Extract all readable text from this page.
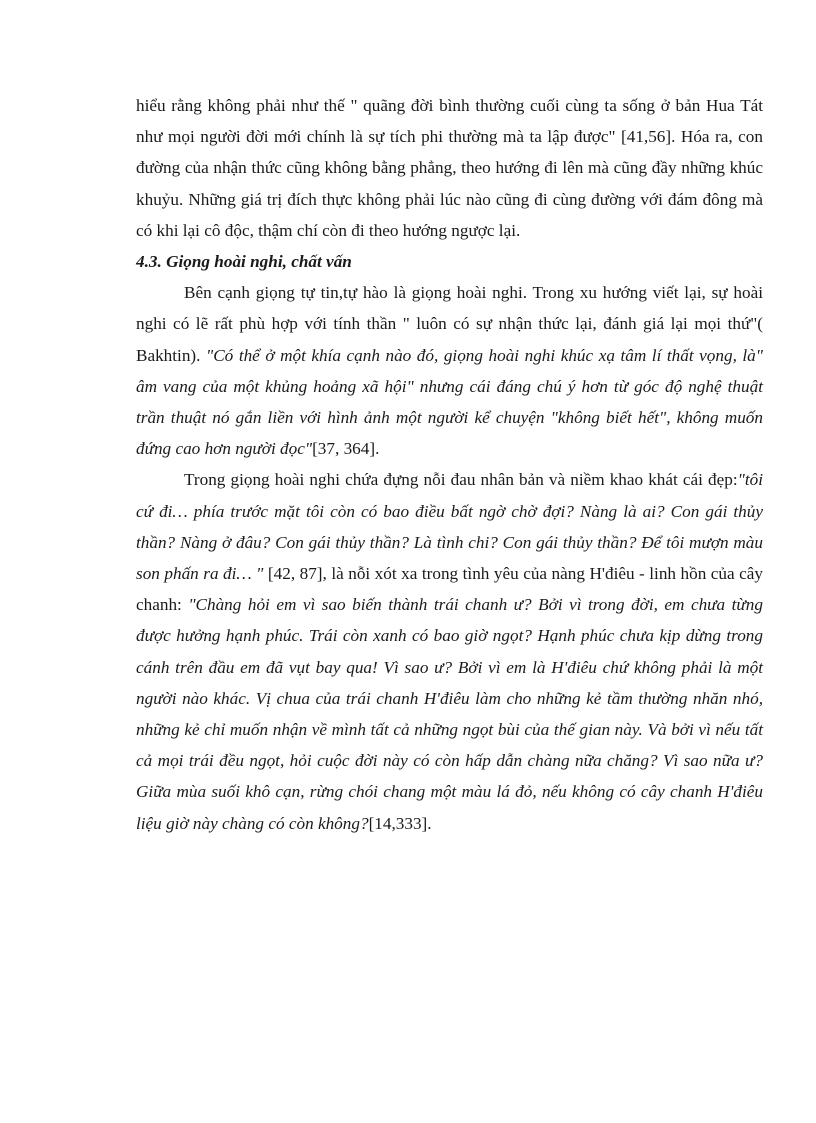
hiểu rằng không phải như thế " quãng đời bình thường cuối cùng ta sống ở bản Hua Tát như mọi người đời mới chính là sự tích phi thường mà ta lập được" [41,56]. Hóa ra, con đường của nhận thức cũng không bằng phẳng, theo hướng đi lên mà cũng đầy những khúc khuỷu. Những giá trị đích thực không phải lúc nào cũng đi cùng đường với đám đông mà có khi lại cô độc, thậm chí còn đi theo hướng ngược lại.

4.3. Giọng hoài nghi, chất vấn

Bên cạnh giọng tự tin,tự hào là giọng hoài nghi. Trong xu hướng viết lại, sự hoài nghi có lẽ rất phù hợp với tính thần " luôn có sự nhận thức lại, đánh giá lại mọi thứ"( Bakhtin). "Có thể ở một khía cạnh nào đó, giọng hoài nghi khúc xạ tâm lí thất vọng, là" âm vang của một khủng hoảng xã hội" nhưng cái đáng chú ý hơn từ góc độ nghệ thuật trần thuật nó gắn liền với hình ảnh một người kể chuyện "không biết hết", không muốn đứng cao hơn người đọc"[37, 364].

Trong giọng hoài nghi chứa đựng nỗi đau nhân bản và niềm khao khát cái đẹp:"tôi cứ đi… phía trước mặt tôi còn có bao điều bất ngờ chờ đợi? Nàng là ai? Con gái thủy thần? Nàng ở đâu? Con gái thủy thần? Là tình chi? Con gái thủy thần? Để tôi mượn màu son phấn ra đi… " [42, 87], là nỗi xót xa trong tình yêu của nàng H'điêu - linh hồn của cây chanh: "Chàng hỏi em vì sao biến thành trái chanh ư? Bởi vì trong đời, em chưa từng được hưởng hạnh phúc. Trái còn xanh có bao giờ ngọt? Hạnh phúc chưa kịp dừng trong cánh trên đầu em đã vụt bay qua! Vì sao ư? Bởi vì em là H'điêu chứ không phải là một người nào khác. Vị chua của trái chanh H'điêu làm cho những kẻ tầm thường nhăn nhó, những kẻ chỉ muốn nhận về mình tất cả những ngọt bùi của thế gian này. Và bởi vì nếu tất cả mọi trái đều ngọt, hỏi cuộc đời này có còn hấp dẫn chàng nữa chăng? Vì sao nữa ư? Giữa mùa suối khô cạn, rừng chói chang một màu lá đỏ, nếu không có cây chanh H'điêu liệu giờ này chàng có còn không?[14,333].
